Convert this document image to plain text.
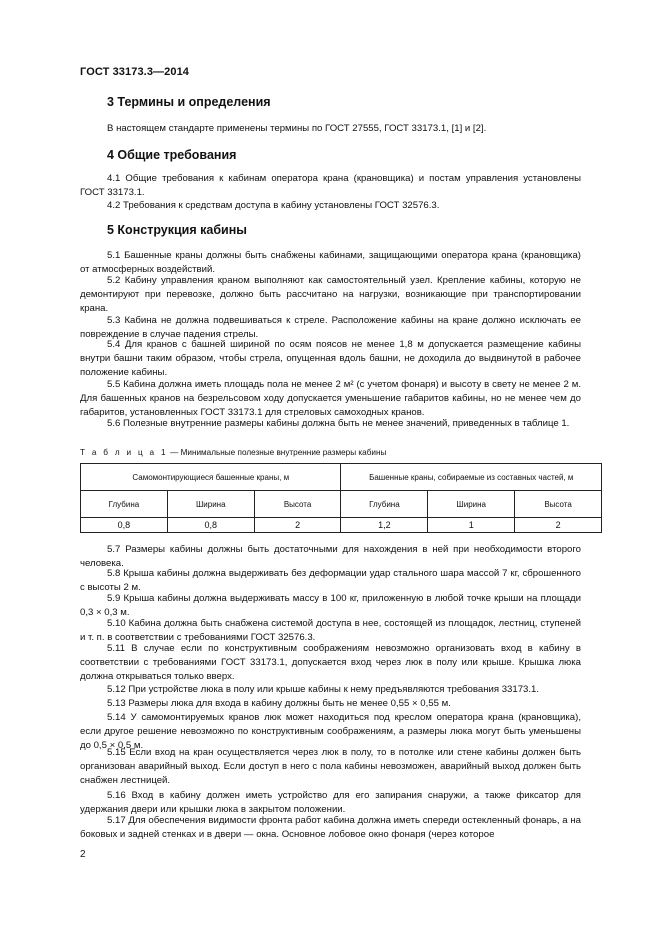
ГОСТ 33173.3—2014
3 Термины и определения

В настоящем стандарте применены термины по ГОСТ 27555, ГОСТ 33173.1, [1] и [2].

4 Общие требования

4.1 Общие требования к кабинам оператора крана (крановщика) и постам управления установлены ГОСТ 33173.1.

4.2 Требования к средствам доступа в кабину установлены ГОСТ 32576.3.

5 Конструкция кабины

5.1 Башенные краны должны быть снабжены кабинами, защищающими оператора крана (крановщика) от атмосферных воздействий.

5.2 Кабину управления краном выполняют как самостоятельный узел. Крепление кабины, которую не демонтируют при перевозке, должно быть рассчитано на нагрузки, возникающие при транспортировании крана.

5.3 Кабина не должна подвешиваться к стреле. Расположение кабины на кране должно исключать ее повреждение в случае падения стрелы.

5.4 Для кранов с башней шириной по осям поясов не менее 1,8 м допускается размещение кабины внутри башни таким образом, чтобы стрела, опущенная вдоль башни, не доходила до выдвинутой в рабочее положение кабины.

5.5 Кабина должна иметь площадь пола не менее 2 м² (с учетом фонаря) и высоту в свету не менее 2 м. Для башенных кранов на безрельсовом ходу допускается уменьшение габаритов кабины, но не менее чем до габаритов, установленных ГОСТ 33173.1 для стреловых самоходных кранов.

5.6 Полезные внутренние размеры кабины должна быть не менее значений, приведенных в таблице 1.

Т а б л и ц а 1 — Минимальные полезные внутренние размеры кабины
Самомонтирующиеся башенные краны, м			Башенные краны, собираемые из составных частей, м		
Глубина	Ширина	Высота	Глубина	Ширина	Высота
0,8	0,8	2	1,2	1	2

5.7 Размеры кабины должны быть достаточными для нахождения в ней при необходимости второго человека.

5.8 Крыша кабины должна выдерживать без деформации удар стального шара массой 7 кг, сброшенного с высоты 2 м.

5.9 Крыша кабины должна выдерживать массу в 100 кг, приложенную в любой точке крыши на площади 0,3 × 0,3 м.

5.10 Кабина должна быть снабжена системой доступа в нее, состоящей из площадок, лестниц, ступеней и т. п. в соответствии с требованиями ГОСТ 32576.3.

5.11 В случае если по конструктивным соображениям невозможно организовать вход в кабину в соответствии с требованиями ГОСТ 33173.1, допускается вход через люк в полу или крыше. Крышка люка должна открываться только вверх.

5.12 При устройстве люка в полу или крыше кабины к нему предъявляются требования 33173.1.

5.13 Размеры люка для входа в кабину должны быть не менее 0,55 × 0,55 м.

5.14 У самомонтируемых кранов люк может находиться под креслом оператора крана (крановщика), если другое решение невозможно по конструктивным соображениям, а размеры люка могут быть уменьшены до 0,5 × 0,5 м.

5.15 Если вход на кран осуществляется через люк в полу, то в потолке или стене кабины должен быть организован аварийный выход. Если доступ в него с пола кабины невозможен, аварийный выход должен быть снабжен лестницей.

5.16 Вход в кабину должен иметь устройство для его запирания снаружи, а также фиксатор для удержания двери или крышки люка в закрытом положении.

5.17 Для обеспечения видимости фронта работ кабина должна иметь спереди остекленный фонарь, а на боковых и задней стенках и в двери — окна. Основное лобовое окно фонаря (через которое

2
